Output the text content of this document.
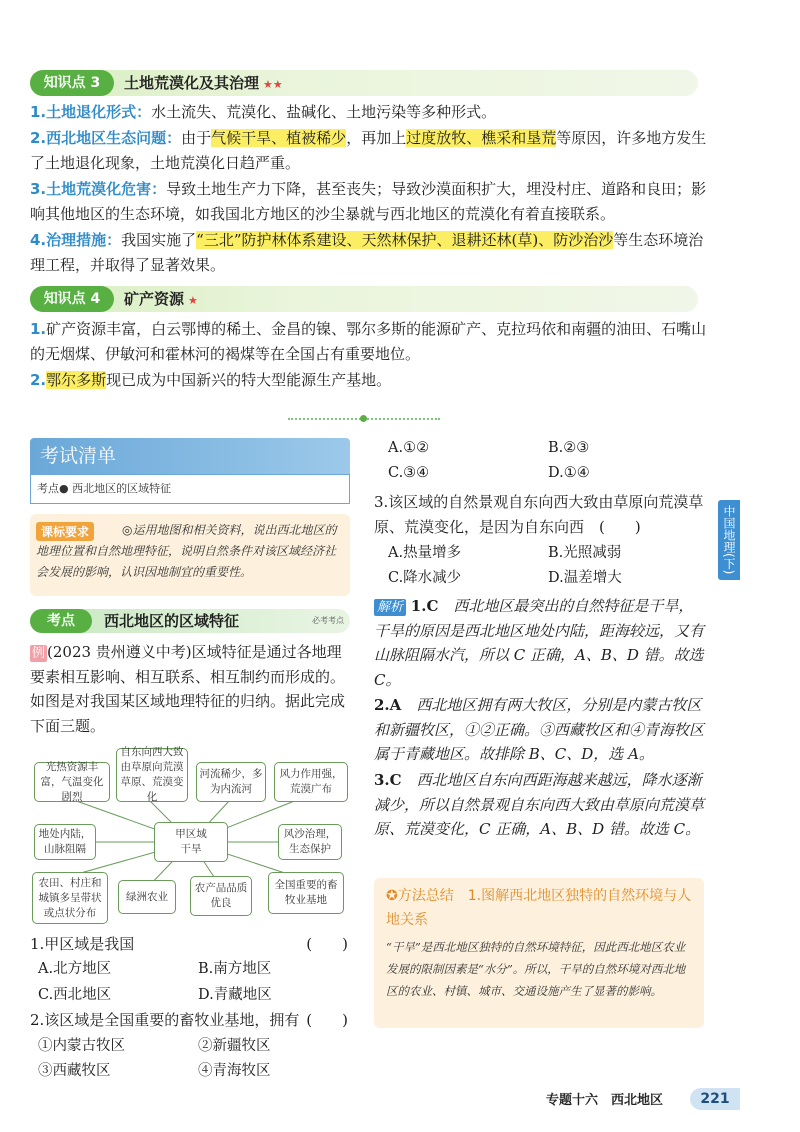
知识点 3	土地荒漠化及其治理 ★★
1.土地退化形式：水土流失、荒漠化、盐碱化、土地污染等多种形式。
2.西北地区生态问题：由于气候干旱、植被稀少，再加上过度放牧、樵采和垦荒等原因，许多地方发生了土地退化现象，土地荒漠化日趋严重。
3.土地荒漠化危害：导致土地生产力下降，甚至丧失；导致沙漠面积扩大，埋没村庄、道路和良田；影响其他地区的生态环境，如我国北方地区的沙尘暴就与西北地区的荒漠化有着直接联系。
4.治理措施：我国实施了“三北”防护林体系建设、天然林保护、退耕还林(草)、防沙治沙等生态环境治理工程，并取得了显著效果。
知识点 4	矿产资源 ★
1.矿产资源丰富，白云鄂博的稀土、金昌的镍、鄂尔多斯的能源矿产、克拉玛依和南疆的油田、石嘴山的无烟煤、伊敏河和霍林河的褐煤等在全国占有重要地位。
2.鄂尔多斯现已成为中国新兴的特大型能源生产基地。
考试清单
考点● 西北地区的区域特征
◎运用地图和相关资料，说出西北地区的地理位置和自然地理特征，说明自然条件对该区域经济社会发展的影响，认识因地制宜的重要性。
课标要求
考点	西北地区的区域特征	必考考点
例 (2023 贵州遵义中考)区域特征是通过各地理要素相互影响、相互联系、相互制约而形成的。如图是对我国某区域地理特征的归纳。据此完成下面三题。
光热资源丰富，气温变化剧烈
自东向西大致由草原向荒漠草原、荒漠变化
河流稀少，多为内流河
风力作用强，荒漠广布
地处内陆，山脉阻隔
甲区域
干旱
风沙治理，生态保护
农田、村庄和城镇多呈带状或点状分布
绿洲农业
农产品品质优良
全国重要的畜牧业基地
1.甲区域是我国	(　　)
A.北方地区	B.南方地区
C.西北地区	D.青藏地区
2.该区域是全国重要的畜牧业基地，拥有 (　　)
①内蒙古牧区	②新疆牧区
③西藏牧区	④青海牧区
A.①②	B.②③
C.③④	D.①④
3.该区域的自然景观自东向西大致由草原向荒漠草原、荒漠变化，是因为自东向西　 (　　)
A.热量增多	B.光照减弱
C.降水减少	D.温差增大
解析 1.C　 西北地区最突出的自然特征是干旱，干旱的原因是西北地区地处内陆，距海较远，又有山脉阻隔水汽，所以 C 正确，A、B、D 错。故选 C。
2.A　 西北地区拥有两大牧区，分别是内蒙古牧区和新疆牧区，①②正确。③西藏牧区和④青海牧区属于青藏地区。故排除 B、C、D，选 A。
3.C　 西北地区自东向西距海越来越远，降水逐渐减少，所以自然景观自东向西大致由草原向荒漠草原、荒漠变化，C 正确，A、B、D 错。故选 C。
✪方法总结　 1.图解西北地区独特的自然环境与人地关系
“干旱”是西北地区独特的自然环境特征，因此西北地区农业发展的限制因素是“水分”。所以，干旱的自然环境对西北地区的农业、村镇、城市、交通设施产生了显著的影响。
中国地理(下)
专题十六　西北地区	221
